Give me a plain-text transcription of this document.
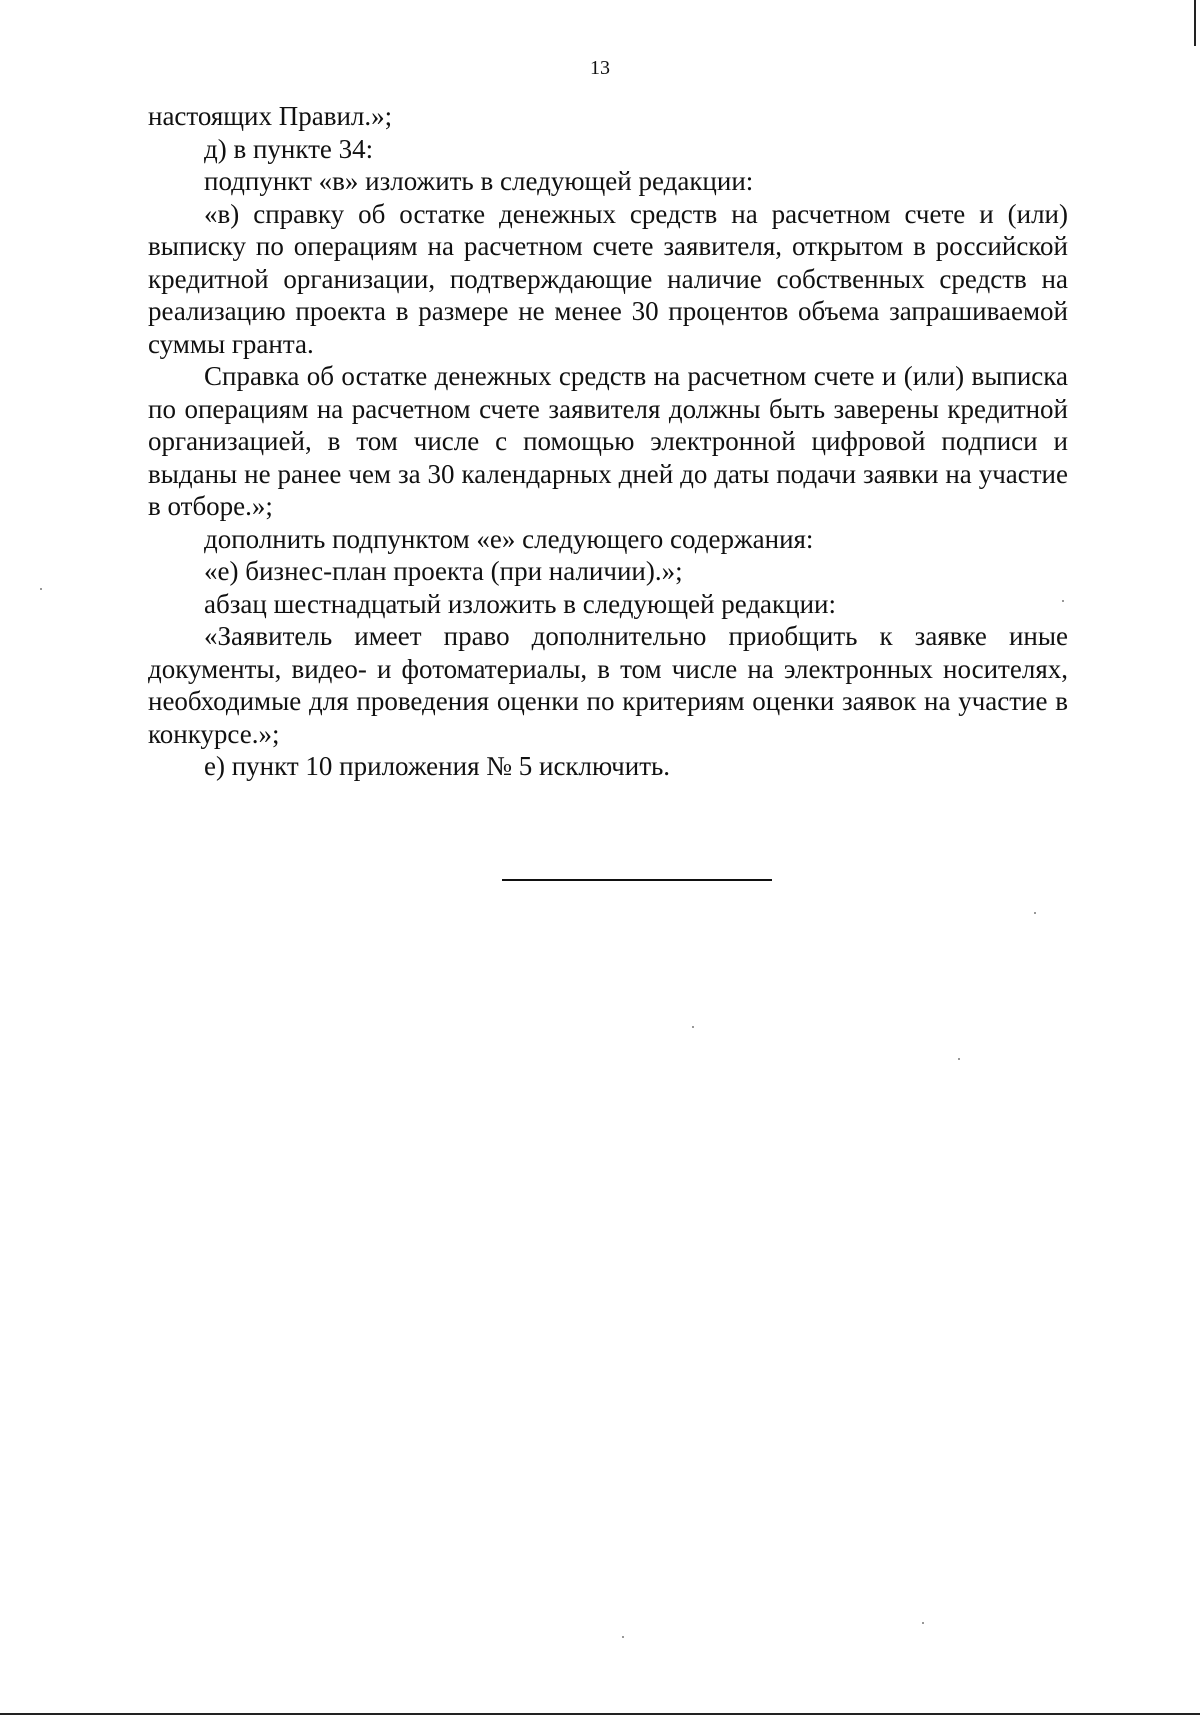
13

настоящих Правил.»;

д) в пункте 34:

подпункт «в» изложить в следующей редакции:

«в) справку об остатке денежных средств на расчетном счете и (или) выписку по операциям на расчетном счете заявителя, открытом в российской кредитной организации, подтверждающие наличие собственных средств на реализацию проекта в размере не менее 30 процентов объема запрашиваемой суммы гранта.

Справка об остатке денежных средств на расчетном счете и (или) выписка по операциям на расчетном счете заявителя должны быть заверены кредитной организацией, в том числе с помощью электронной цифровой подписи и выданы не ранее чем за 30 календарных дней до даты подачи заявки на участие в отборе.»;

дополнить подпунктом «е» следующего содержания:

«е) бизнес-план проекта (при наличии).»;

абзац шестнадцатый изложить в следующей редакции:

«Заявитель имеет право дополнительно приобщить к заявке иные документы, видео- и фотоматериалы, в том числе на электронных носителях, необходимые для проведения оценки по критериям оценки заявок на участие в конкурсе.»;

е) пункт 10 приложения № 5 исключить.
